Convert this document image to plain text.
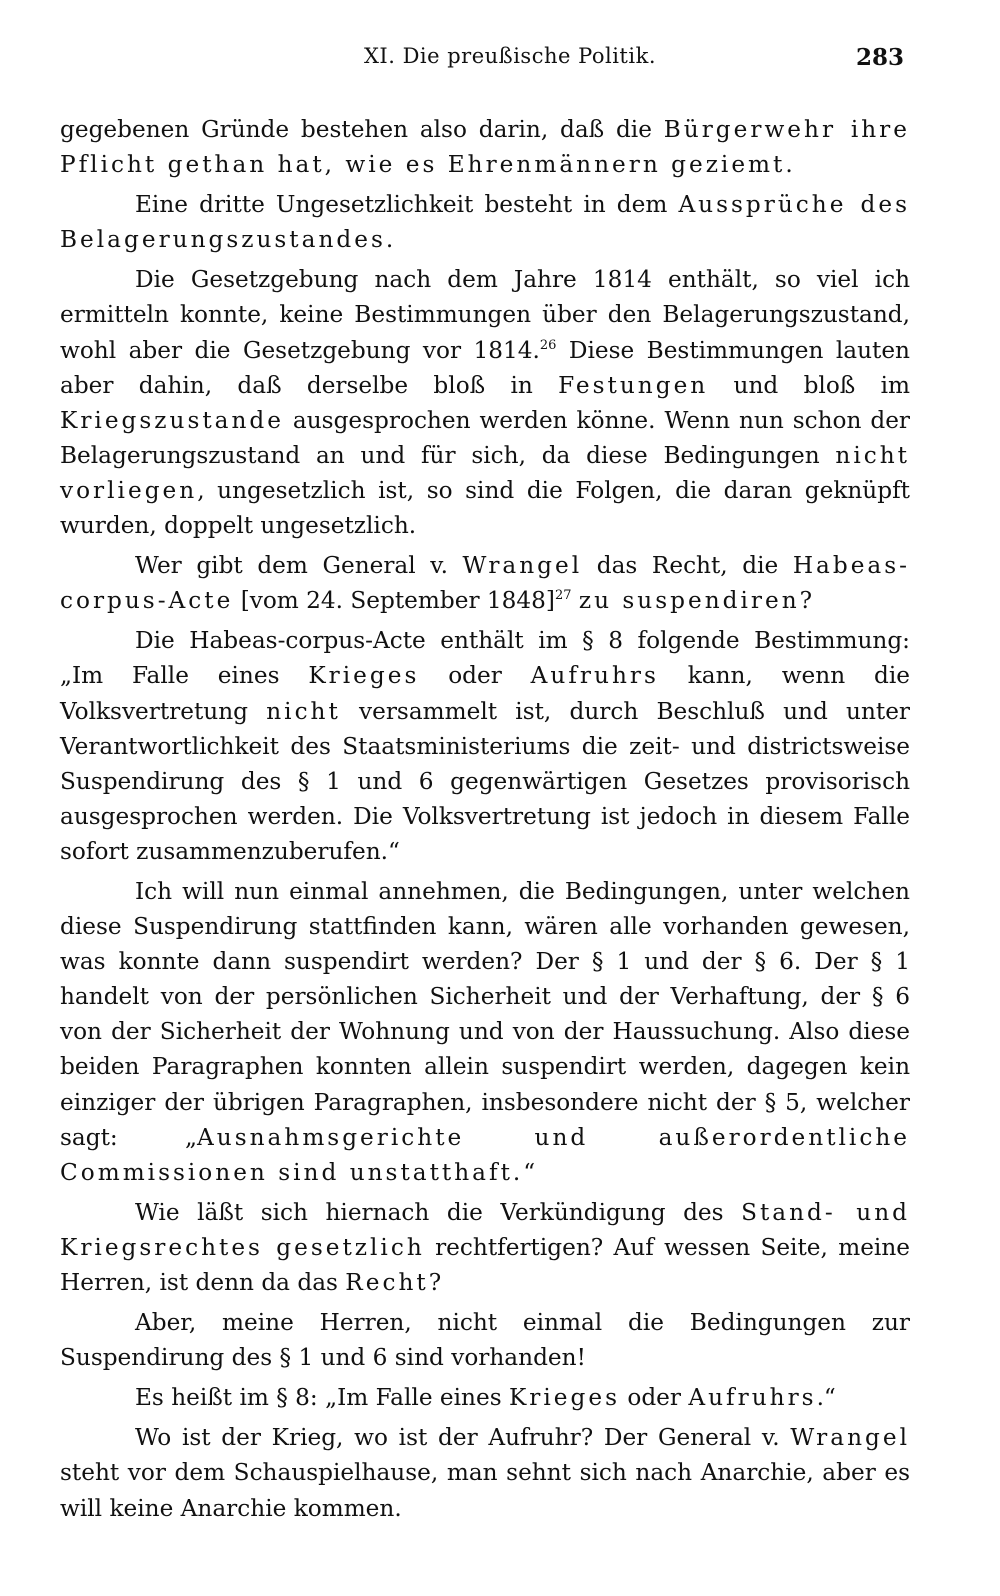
XI. Die preußische Politik.	283

gegebenen Gründe bestehen also darin, daß die Bürgerwehr ihre Pflicht gethan hat, wie es Ehrenmännern geziemt.

Eine dritte Ungesetzlichkeit besteht in dem Aussprüche des Belagerungszustandes.

Die Gesetzgebung nach dem Jahre 1814 enthält, so viel ich ermitteln konnte, keine Bestimmungen über den Belagerungszustand, wohl aber die Gesetzgebung vor 1814.26 Diese Bestimmungen lauten aber dahin, daß derselbe bloß in Festungen und bloß im Kriegszustande ausgesprochen werden könne. Wenn nun schon der Belagerungszustand an und für sich, da diese Bedingungen nicht vorliegen, ungesetzlich ist, so sind die Folgen, die daran geknüpft wurden, doppelt ungesetzlich.

Wer gibt dem General v. Wrangel das Recht, die Habeas-corpus-Acte [vom 24. September 1848]$^{27}$ zu suspendiren?

Die Habeas-corpus-Acte enthält im § 8 folgende Bestimmung: „Im Falle eines Krieges oder Aufruhrs kann, wenn die Volksvertretung nicht versammelt ist, durch Beschluß und unter Verantwortlichkeit des Staatsministeriums die zeit- und districtsweise Suspendirung des § 1 und 6 gegenwärtigen Gesetzes provisorisch ausgesprochen werden. Die Volksvertretung ist jedoch in diesem Falle sofort zusammenzuberufen.“

Ich will nun einmal annehmen, die Bedingungen, unter welchen diese Suspendirung stattfinden kann, wären alle vorhanden gewesen, was konnte dann suspendirt werden? Der § 1 und der § 6. Der § 1 handelt von der persönlichen Sicherheit und der Verhaftung, der § 6 von der Sicherheit der Wohnung und von der Haussuchung. Also diese beiden Paragraphen konnten allein suspendirt werden, dagegen kein einziger der übrigen Paragraphen, insbesondere nicht der § 5, welcher sagt: „Ausnahmsgerichte und außerordentliche Commissionen sind unstatthaft.“

Wie läßt sich hiernach die Verkündigung des Stand- und Kriegsrechtes gesetzlich rechtfertigen? Auf wessen Seite, meine Herren, ist denn da das Recht?

Aber, meine Herren, nicht einmal die Bedingungen zur Suspendirung des § 1 und 6 sind vorhanden!

Es heißt im § 8: „Im Falle eines Krieges oder Aufruhrs.“

Wo ist der Krieg, wo ist der Aufruhr? Der General v. Wrangel steht vor dem Schauspielhause, man sehnt sich nach Anarchie, aber es will keine Anarchie kommen.
